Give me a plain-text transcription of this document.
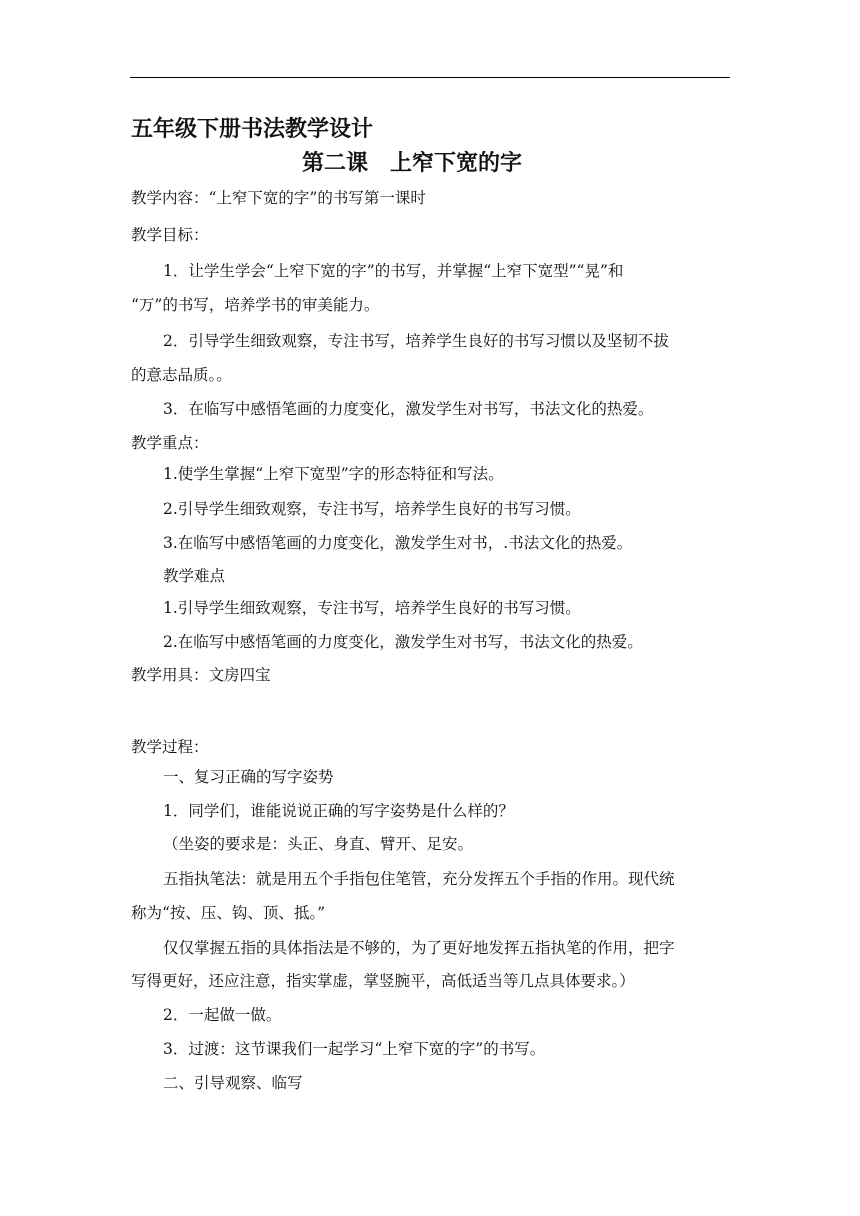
五年级下册书法教学设计
第二课　上窄下宽的字
教学内容：“上窄下宽的字”的书写第一课时
教学目标：
1．让学生学会“上窄下宽的字”的书写，并掌握“上窄下宽型”“晃”和
“万”的书写，培养学书的审美能力。
2．引导学生细致观察，专注书写，培养学生良好的书写习惯以及坚韧不拔
的意志品质。。
3．在临写中感悟笔画的力度变化，激发学生对书写，书法文化的热爱。
教学重点：
1.使学生掌握“上窄下宽型”字的形态特征和写法。
2.引导学生细致观察，专注书写，培养学生良好的书写习惯。
3.在临写中感悟笔画的力度变化，激发学生对书，.书法文化的热爱。
教学难点
1.引导学生细致观察，专注书写，培养学生良好的书写习惯。
2.在临写中感悟笔画的力度变化，激发学生对书写，书法文化的热爱。
教学用具：文房四宝
教学过程：
一、复习正确的写字姿势
1．同学们，谁能说说正确的写字姿势是什么样的？
（坐姿的要求是：头正、身直、臂开、足安。
五指执笔法：就是用五个手指包住笔管，充分发挥五个手指的作用。现代统
称为“按、压、钩、顶、抵。”
仅仅掌握五指的具体指法是不够的，为了更好地发挥五指执笔的作用，把字
写得更好，还应注意，指实掌虚，掌竖腕平，高低适当等几点具体要求。）
2．一起做一做。
3．过渡：这节课我们一起学习“上窄下宽的字”的书写。
二、引导观察、临写
